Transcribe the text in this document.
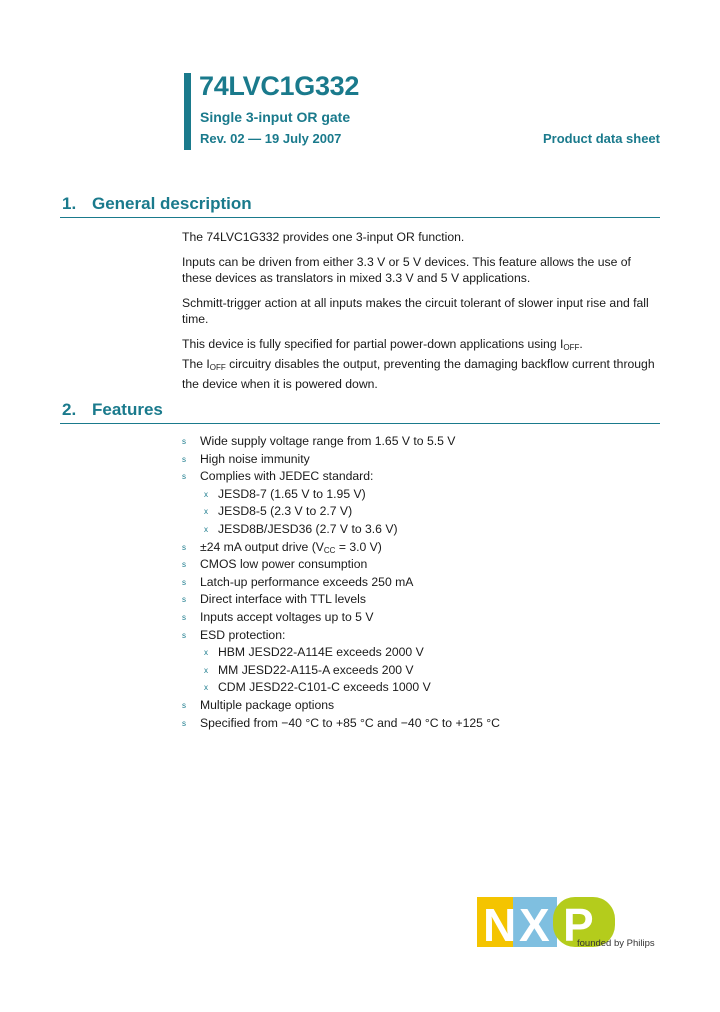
74LVC1G332
Single 3-input OR gate
Rev. 02 — 19 July 2007	Product data sheet
1. General description

The 74LVC1G332 provides one 3-input OR function.

Inputs can be driven from either 3.3 V or 5 V devices. This feature allows the use of these devices as translators in mixed 3.3 V and 5 V applications.

Schmitt-trigger action at all inputs makes the circuit tolerant of slower input rise and fall time.

This device is fully specified for partial power-down applications using $I_{OFF}$.
The $I_{OFF}$ circuitry disables the output, preventing the damaging backflow current through the device when it is powered down.

2. Features
s Wide supply voltage range from 1.65 V to 5.5 V
s High noise immunity
s Complies with JEDEC standard:
x JESD8-7 (1.65 V to 1.95 V)
x JESD8-5 (2.3 V to 2.7 V)
x JESD8B/JESD36 (2.7 V to 3.6 V)
s ±24 mA output drive ($V_{CC} = 3.0$ V)
s CMOS low power consumption
s Latch-up performance exceeds 250 mA
s Direct interface with TTL levels
s Inputs accept voltages up to 5 V
s ESD protection:
x HBM JESD22-A114E exceeds 2000 V
x MM JESD22-A115-A exceeds 200 V
x CDM JESD22-C101-C exceeds 1000 V
s Multiple package options
s Specified from −40 °C to +85 °C and −40 °C to +125 °C
N X P
founded by Philips
